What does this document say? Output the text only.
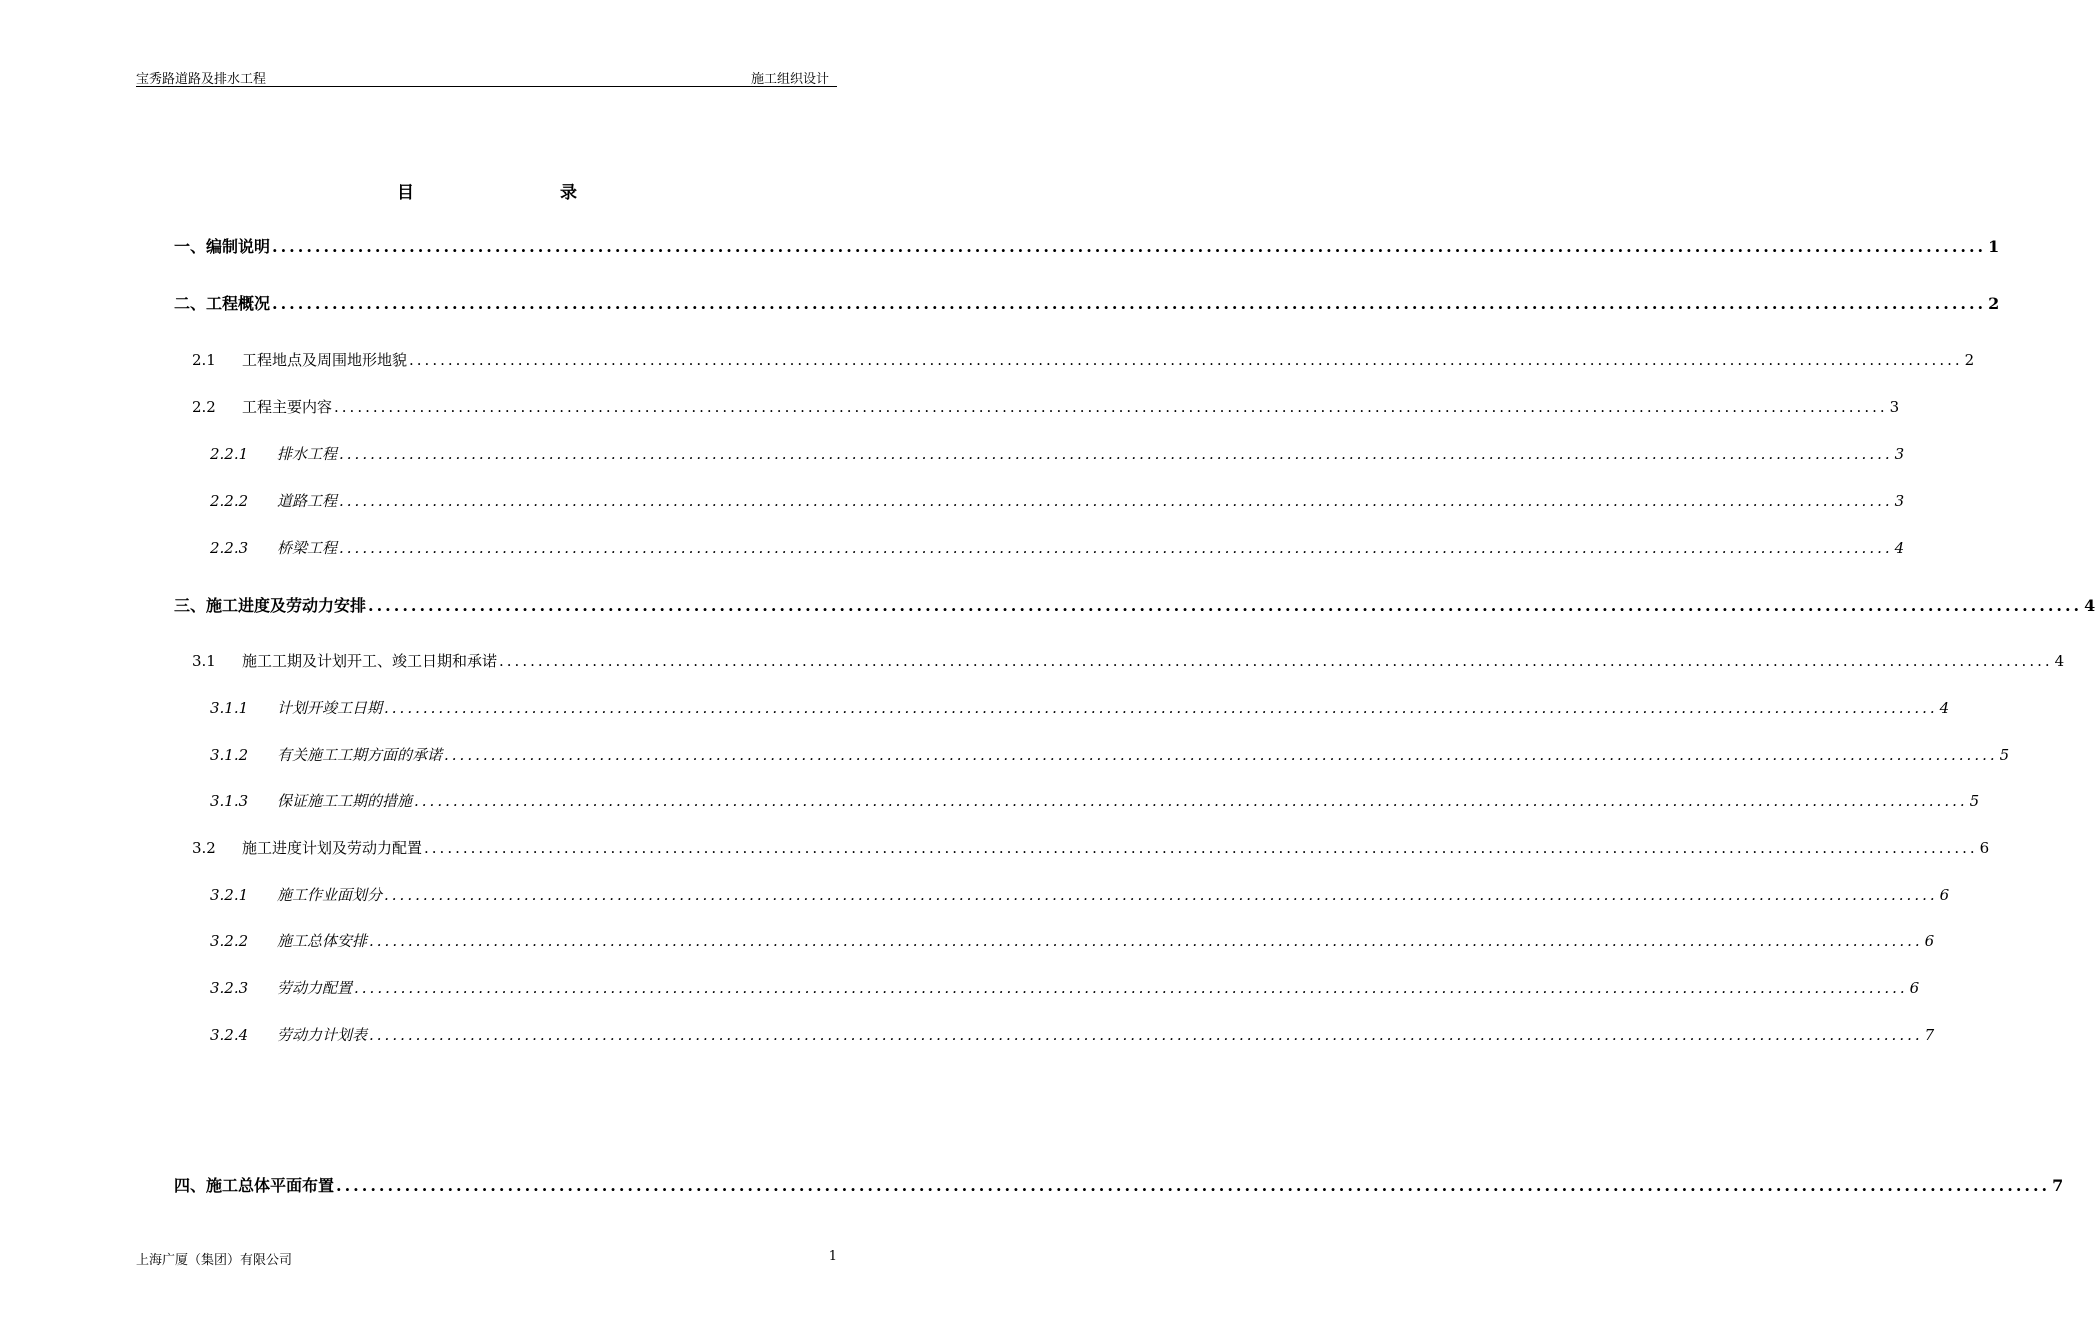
宝秀路道路及排水工程	施工组织设计
目	录
一、编制说明 ........................................................................................................................................................................................................ 1
二、工程概况 ........................................................................................................................................................................................................ 2
2.1 工程地点及周围地形地貌 ........................................................................................................................................................................................................ 2
2.2 工程主要内容 ........................................................................................................................................................................................................ 3
2.2.1 排水工程 ........................................................................................................................................................................................................ 3
2.2.2 道路工程 ........................................................................................................................................................................................................ 3
2.2.3 桥梁工程 ........................................................................................................................................................................................................ 4
三、施工进度及劳动力安排 ........................................................................................................................................................................................................ 4
3.1 施工工期及计划开工、竣工日期和承诺 ........................................................................................................................................................................................................ 4
3.1.1 计划开竣工日期 ........................................................................................................................................................................................................ 4
3.1.2 有关施工工期方面的承诺 ........................................................................................................................................................................................................ 5
3.1.3 保证施工工期的措施 ........................................................................................................................................................................................................ 5
3.2 施工进度计划及劳动力配置 ........................................................................................................................................................................................................ 6
3.2.1 施工作业面划分 ........................................................................................................................................................................................................ 6
3.2.2 施工总体安排 ........................................................................................................................................................................................................ 6
3.2.3 劳动力配置 ........................................................................................................................................................................................................ 6
3.2.4 劳动力计划表 ........................................................................................................................................................................................................ 7
四、施工总体平面布置 ........................................................................................................................................................................................................ 7
上海广厦（集团）有限公司	1
